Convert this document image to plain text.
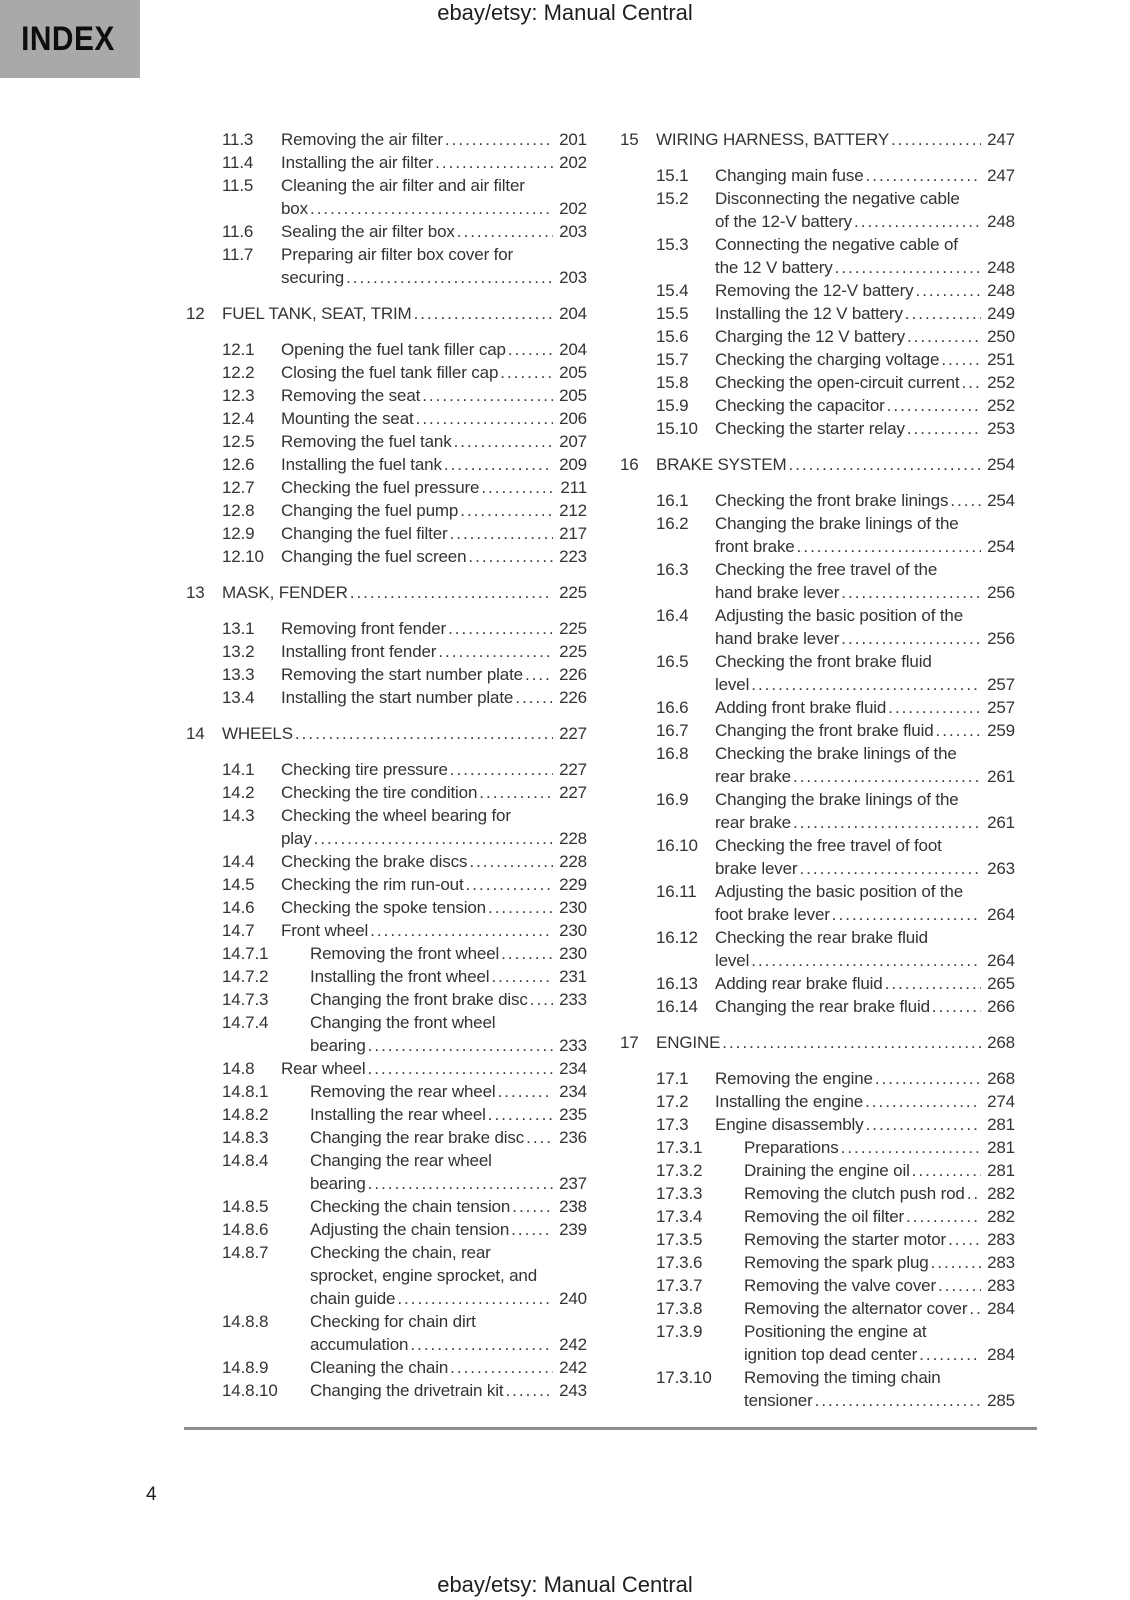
ebay/etsy: Manual Central
INDEX
11.3	Removing the air filter .....	201
11.4	Installing the air filter .....	202
11.5	Cleaning the air filter and air filter
box .....	202
11.6	Sealing the air filter box .....	203
11.7	Preparing air filter box cover for
securing .....	203
12	FUEL TANK, SEAT, TRIM .....	204
12.1	Opening the fuel tank filler cap .....	204
12.2	Closing the fuel tank filler cap .....	205
12.3	Removing the seat .....	205
12.4	Mounting the seat .....	206
12.5	Removing the fuel tank .....	207
12.6	Installing the fuel tank .....	209
12.7	Checking the fuel pressure .....	211
12.8	Changing the fuel pump .....	212
12.9	Changing the fuel filter .....	217
12.10	Changing the fuel screen .....	223
13	MASK, FENDER .....	225
13.1	Removing front fender .....	225
13.2	Installing front fender .....	225
13.3	Removing the start number plate .....	226
13.4	Installing the start number plate .....	226
14	WHEELS .....	227
14.1	Checking tire pressure .....	227
14.2	Checking the tire condition .....	227
14.3	Checking the wheel bearing for
play .....	228
14.4	Checking the brake discs .....	228
14.5	Checking the rim run-out .....	229
14.6	Checking the spoke tension .....	230
14.7	Front wheel .....	230
14.7.1	Removing the front wheel .....	230
14.7.2	Installing the front wheel .....	231
14.7.3	Changing the front brake disc .....	233
14.7.4	Changing the front wheel
bearing .....	233
14.8	Rear wheel .....	234
14.8.1	Removing the rear wheel .....	234
14.8.2	Installing the rear wheel .....	235
14.8.3	Changing the rear brake disc .....	236
14.8.4	Changing the rear wheel
bearing .....	237
14.8.5	Checking the chain tension .....	238
14.8.6	Adjusting the chain tension .....	239
14.8.7	Checking the chain, rear
sprocket, engine sprocket, and
chain guide .....	240
14.8.8	Checking for chain dirt
accumulation .....	242
14.8.9	Cleaning the chain .....	242
14.8.10	Changing the drivetrain kit .....	243
15	WIRING HARNESS, BATTERY .....	247
15.1	Changing main fuse .....	247
15.2	Disconnecting the negative cable
of the 12-V battery .....	248
15.3	Connecting the negative cable of
the 12 V battery .....	248
15.4	Removing the 12-V battery .....	248
15.5	Installing the 12 V battery .....	249
15.6	Charging the 12 V battery .....	250
15.7	Checking the charging voltage .....	251
15.8	Checking the open-circuit current .....	252
15.9	Checking the capacitor .....	252
15.10	Checking the starter relay .....	253
16	BRAKE SYSTEM .....	254
16.1	Checking the front brake linings .....	254
16.2	Changing the brake linings of the
front brake .....	254
16.3	Checking the free travel of the
hand brake lever .....	256
16.4	Adjusting the basic position of the
hand brake lever .....	256
16.5	Checking the front brake fluid
level .....	257
16.6	Adding front brake fluid .....	257
16.7	Changing the front brake fluid .....	259
16.8	Checking the brake linings of the
rear brake .....	261
16.9	Changing the brake linings of the
rear brake .....	261
16.10	Checking the free travel of foot
brake lever .....	263
16.11	Adjusting the basic position of the
foot brake lever .....	264
16.12	Checking the rear brake fluid
level .....	264
16.13	Adding rear brake fluid .....	265
16.14	Changing the rear brake fluid .....	266
17	ENGINE .....	268
17.1	Removing the engine .....	268
17.2	Installing the engine .....	274
17.3	Engine disassembly .....	281
17.3.1	Preparations .....	281
17.3.2	Draining the engine oil .....	281
17.3.3	Removing the clutch push rod .....	282
17.3.4	Removing the oil filter .....	282
17.3.5	Removing the starter motor .....	283
17.3.6	Removing the spark plug .....	283
17.3.7	Removing the valve cover .....	283
17.3.8	Removing the alternator cover .....	284
17.3.9	Positioning the engine at
ignition top dead center .....	284
17.3.10	Removing the timing chain
tensioner .....	285
4
ebay/etsy: Manual Central
